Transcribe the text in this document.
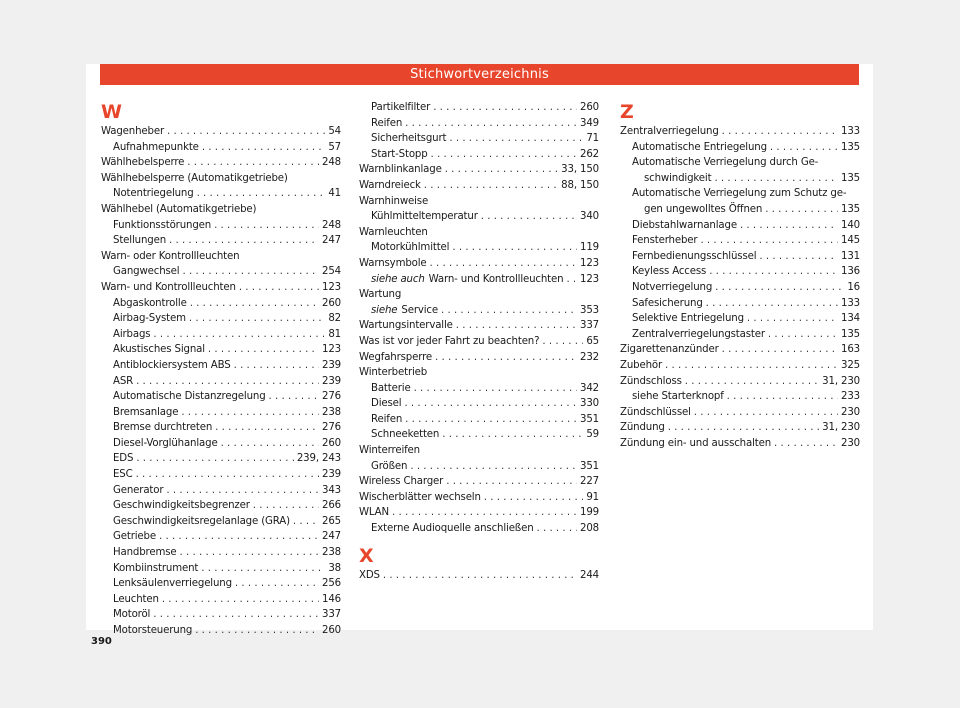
Stichwortverzeichnis
W
Wagenheber . . .	54
Aufnahmepunkte . . .	57
Wählhebelsperre . . .	248
Wählhebelsperre (Automatikgetriebe)
Notentriegelung . . .	41
Wählhebel (Automatikgetriebe)
Funktionsstörungen . . .	248
Stellungen . . .	247
Warn- oder Kontrollleuchten
Gangwechsel . . .	254
Warn- und Kontrollleuchten . . .	123
Abgaskontrolle . . .	260
Airbag-System . . .	82
Airbags . . .	81
Akustisches Signal . . .	123
Antiblockiersystem ABS . . .	239
ASR . . .	239
Automatische Distanzregelung . . .	276
Bremsanlage . . .	238
Bremse durchtreten . . .	276
Diesel-Vorglühanlage . . .	260
EDS . . .	239, 243
ESC . . .	239
Generator . . .	343
Geschwindigkeitsbegrenzer . . .	266
Geschwindigkeitsregelanlage (GRA) . . .	265
Getriebe . . .	247
Handbremse . . .	238
Kombiinstrument . . .	38
Lenksäulenverriegelung . . .	256
Leuchten . . .	146
Motoröl . . .	337
Motorsteuerung . . .	260
Partikelfilter . . .	260
Reifen . . .	349
Sicherheitsgurt . . .	71
Start-Stopp . . .	262
Warnblinkanlage . . .	33, 150
Warndreieck . . .	88, 150
Warnhinweise
Kühlmitteltemperatur . . .	340
Warnleuchten
Motorkühlmittel . . .	119
Warnsymbole . . .	123
siehe auch Warn- und Kontrollleuchten . . . 123
Wartung
siehe Service . . .	353
Wartungsintervalle . . .	337
Was ist vor jeder Fahrt zu beachten? . . .	65
Wegfahrsperre . . .	232
Winterbetrieb
Batterie . . .	342
Diesel . . .	330
Reifen . . .	351
Schneeketten . . .	59
Winterreifen
Größen . . .	351
Wireless Charger . . .	227
Wischerblätter wechseln . . .	91
WLAN . . .	199
Externe Audioquelle anschließen . . .	208
X
XDS . . .	244
Z
Zentralverriegelung . . .	133
Automatische Entriegelung . . .	135
Automatische Verriegelung durch Ge-
schwindigkeit . . .	135
Automatische Verriegelung zum Schutz ge-
gen ungewolltes Öffnen . . .	135
Diebstahlwarnanlage . . .	140
Fensterheber . . .	145
Fernbedienungsschlüssel . . .	131
Keyless Access . . .	136
Notverriegelung . . .	16
Safesicherung . . .	133
Selektive Entriegelung . . .	134
Zentralverriegelungstaster . . .	135
Zigarettenanzünder . . .	163
Zubehör . . .	325
Zündschloss . . .	31, 230
siehe Starterknopf . . .	233
Zündschlüssel . . .	230
Zündung . . .	31, 230
Zündung ein- und ausschalten . . .	230
390
